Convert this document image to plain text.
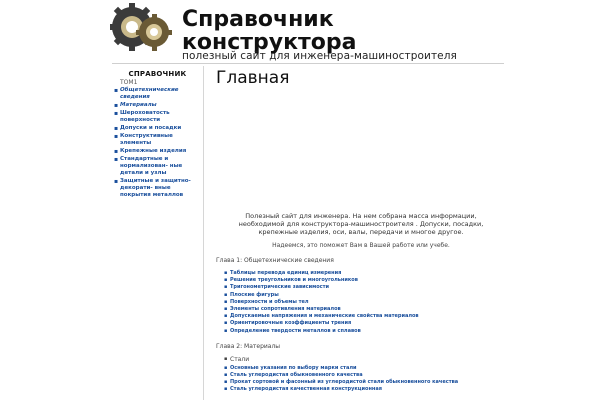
Справочник
конструктора
полезный сайт для инженера-машиностроителя
СПРАВОЧНИК
ТОМ1
▪ Общетехнические сведения
▪ Материалы
▪ Шероховатость поверхности
▪ Допуски и посадки
▪ Конструктивные элементы
▪ Крепежные изделия
▪ Стандартные и нормализован- ные детали и узлы
▪ Защитные и защитно-декорати- вные покрытия металлов
Главная
Полезный сайт для инженера. На нем собрана масса информации,
необходимой для конструктора-машиностроителя . Допуски, посадки,
крепежные изделия, оси, валы, передачи и многое другое.
Надеемся, это поможет Вам в Вашей работе или учебе.
Глава 1: Общетехнические сведения
▪ Таблицы перевода единиц измерения
▪ Решение треугольников и многоугольников
▪ Тригонометрические зависимости
▪ Плоские фигуры
▪ Поверхности и объемы тел
▪ Элементы сопротивления материалов
▪ Допускаемые напряжения и механические свойства материалов
▪ Ориентировочные коэффициенты трения
▪ Определение твердости металлов и сплавов
Глава 2: Материалы
▪ Стали
▪ Основные указания по выбору марки стали
▪ Сталь углеродистая обыкновенного качества
▪ Прокат сортовой и фасонный из углеродистой стали обыкновенного качества
▪ Сталь углеродистая качественная конструкционная
